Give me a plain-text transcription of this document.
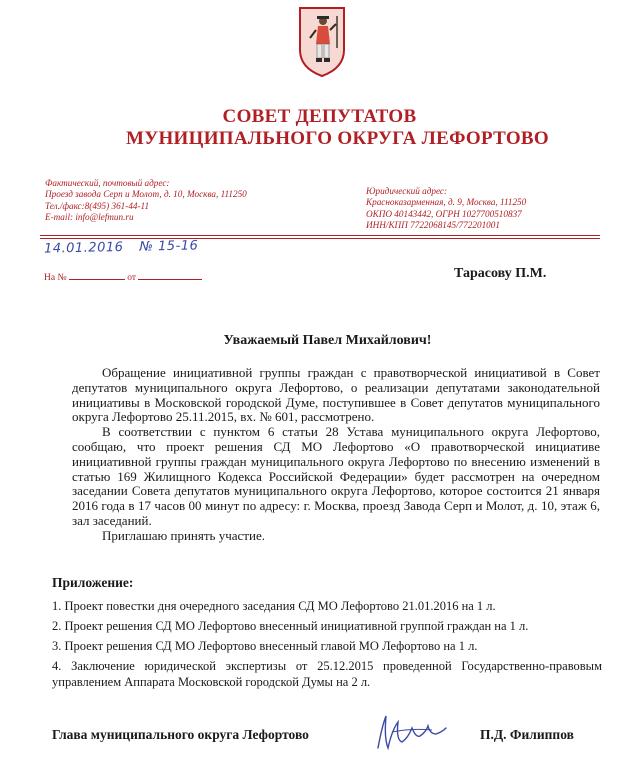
СОВЕТ ДЕПУТАТОВ
МУНИЦИПАЛЬНОГО ОКРУГА ЛЕФОРТОВО
Фактический, почтовый адрес:
Проезд завода Серп и Молот, д. 10, Москва, 111250
Тел./факс:8(495) 361-44-11
E-mail: info@lefmun.ru
Юридический адрес:
Красноказарменная, д. 9, Москва, 111250
ОКПО 40143442, ОГРН 1027700510837
ИНН/КПП 7722068145/772201001
14.01.2016 № 15-16
На №	от	Тарасову П.М.
Уважаемый Павел Михайлович!

Обращение инициативной группы граждан с правотворческой инициативой в Совет депутатов муниципального округа Лефортово, о реализации депутатами законодательной инициативы в Московской городской Думе, поступившее в Совет депутатов муниципального округа Лефортово 25.11.2015, вх. № 601, рассмотрено.

В соответствии с пунктом 6 статьи 28 Устава муниципального округа Лефортово, сообщаю, что проект решения СД МО Лефортово «О правотворческой инициативе инициативной группы граждан муниципального округа Лефортово по внесению изменений в статью 169 Жилищного Кодекса Российской Федерации» будет рассмотрен на очередном заседании Совета депутатов муниципального округа Лефортово, которое состоится 21 января 2016 года в 17 часов 00 минут по адресу: г. Москва, проезд Завода Серп и Молот, д. 10, этаж 6, зал заседаний.

Приглашаю принять участие.

Приложение:

1. Проект повестки дня очередного заседания СД МО Лефортово 21.01.2016 на 1 л.

2. Проект решения СД МО Лефортово внесенный инициативной группой граждан на 1 л.

3. Проект решения СД МО Лефортово внесенный главой МО Лефортово на 1 л.

4. Заключение юридической экспертизы от 25.12.2015 проведенной Государственно-правовым управлением Аппарата Московской городской Думы на 2 л.

Глава муниципального округа Лефортово	П.Д. Филиппов
